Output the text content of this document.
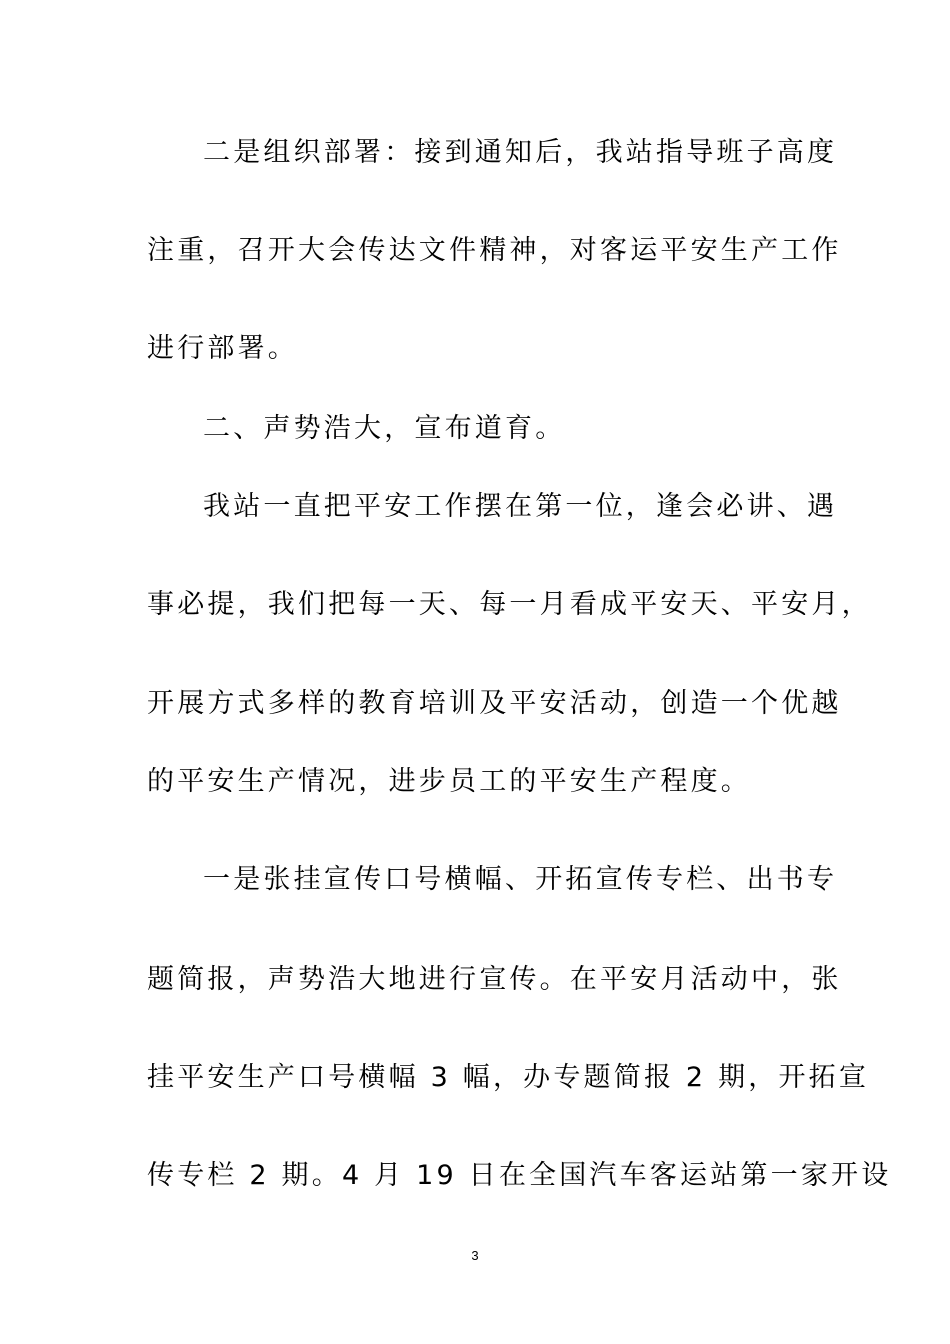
二是组织部署：接到通知后，我站指导班子高度
注重，召开大会传达文件精神，对客运平安生产工作
进行部署。
二、声势浩大，宣布道育。
我站一直把平安工作摆在第一位，逢会必讲、遇
事必提，我们把每一天、每一月看成平安天、平安月，
开展方式多样的教育培训及平安活动，创造一个优越
的平安生产情况，进步员工的平安生产程度。
一是张挂宣传口号横幅、开拓宣传专栏、出书专
题简报，声势浩大地进行宣传。在平安月活动中，张
挂平安生产口号横幅 3 幅，办专题简报 2 期，开拓宣
传专栏 2 期。4 月 19 日在全国汽车客运站第一家开设
3
